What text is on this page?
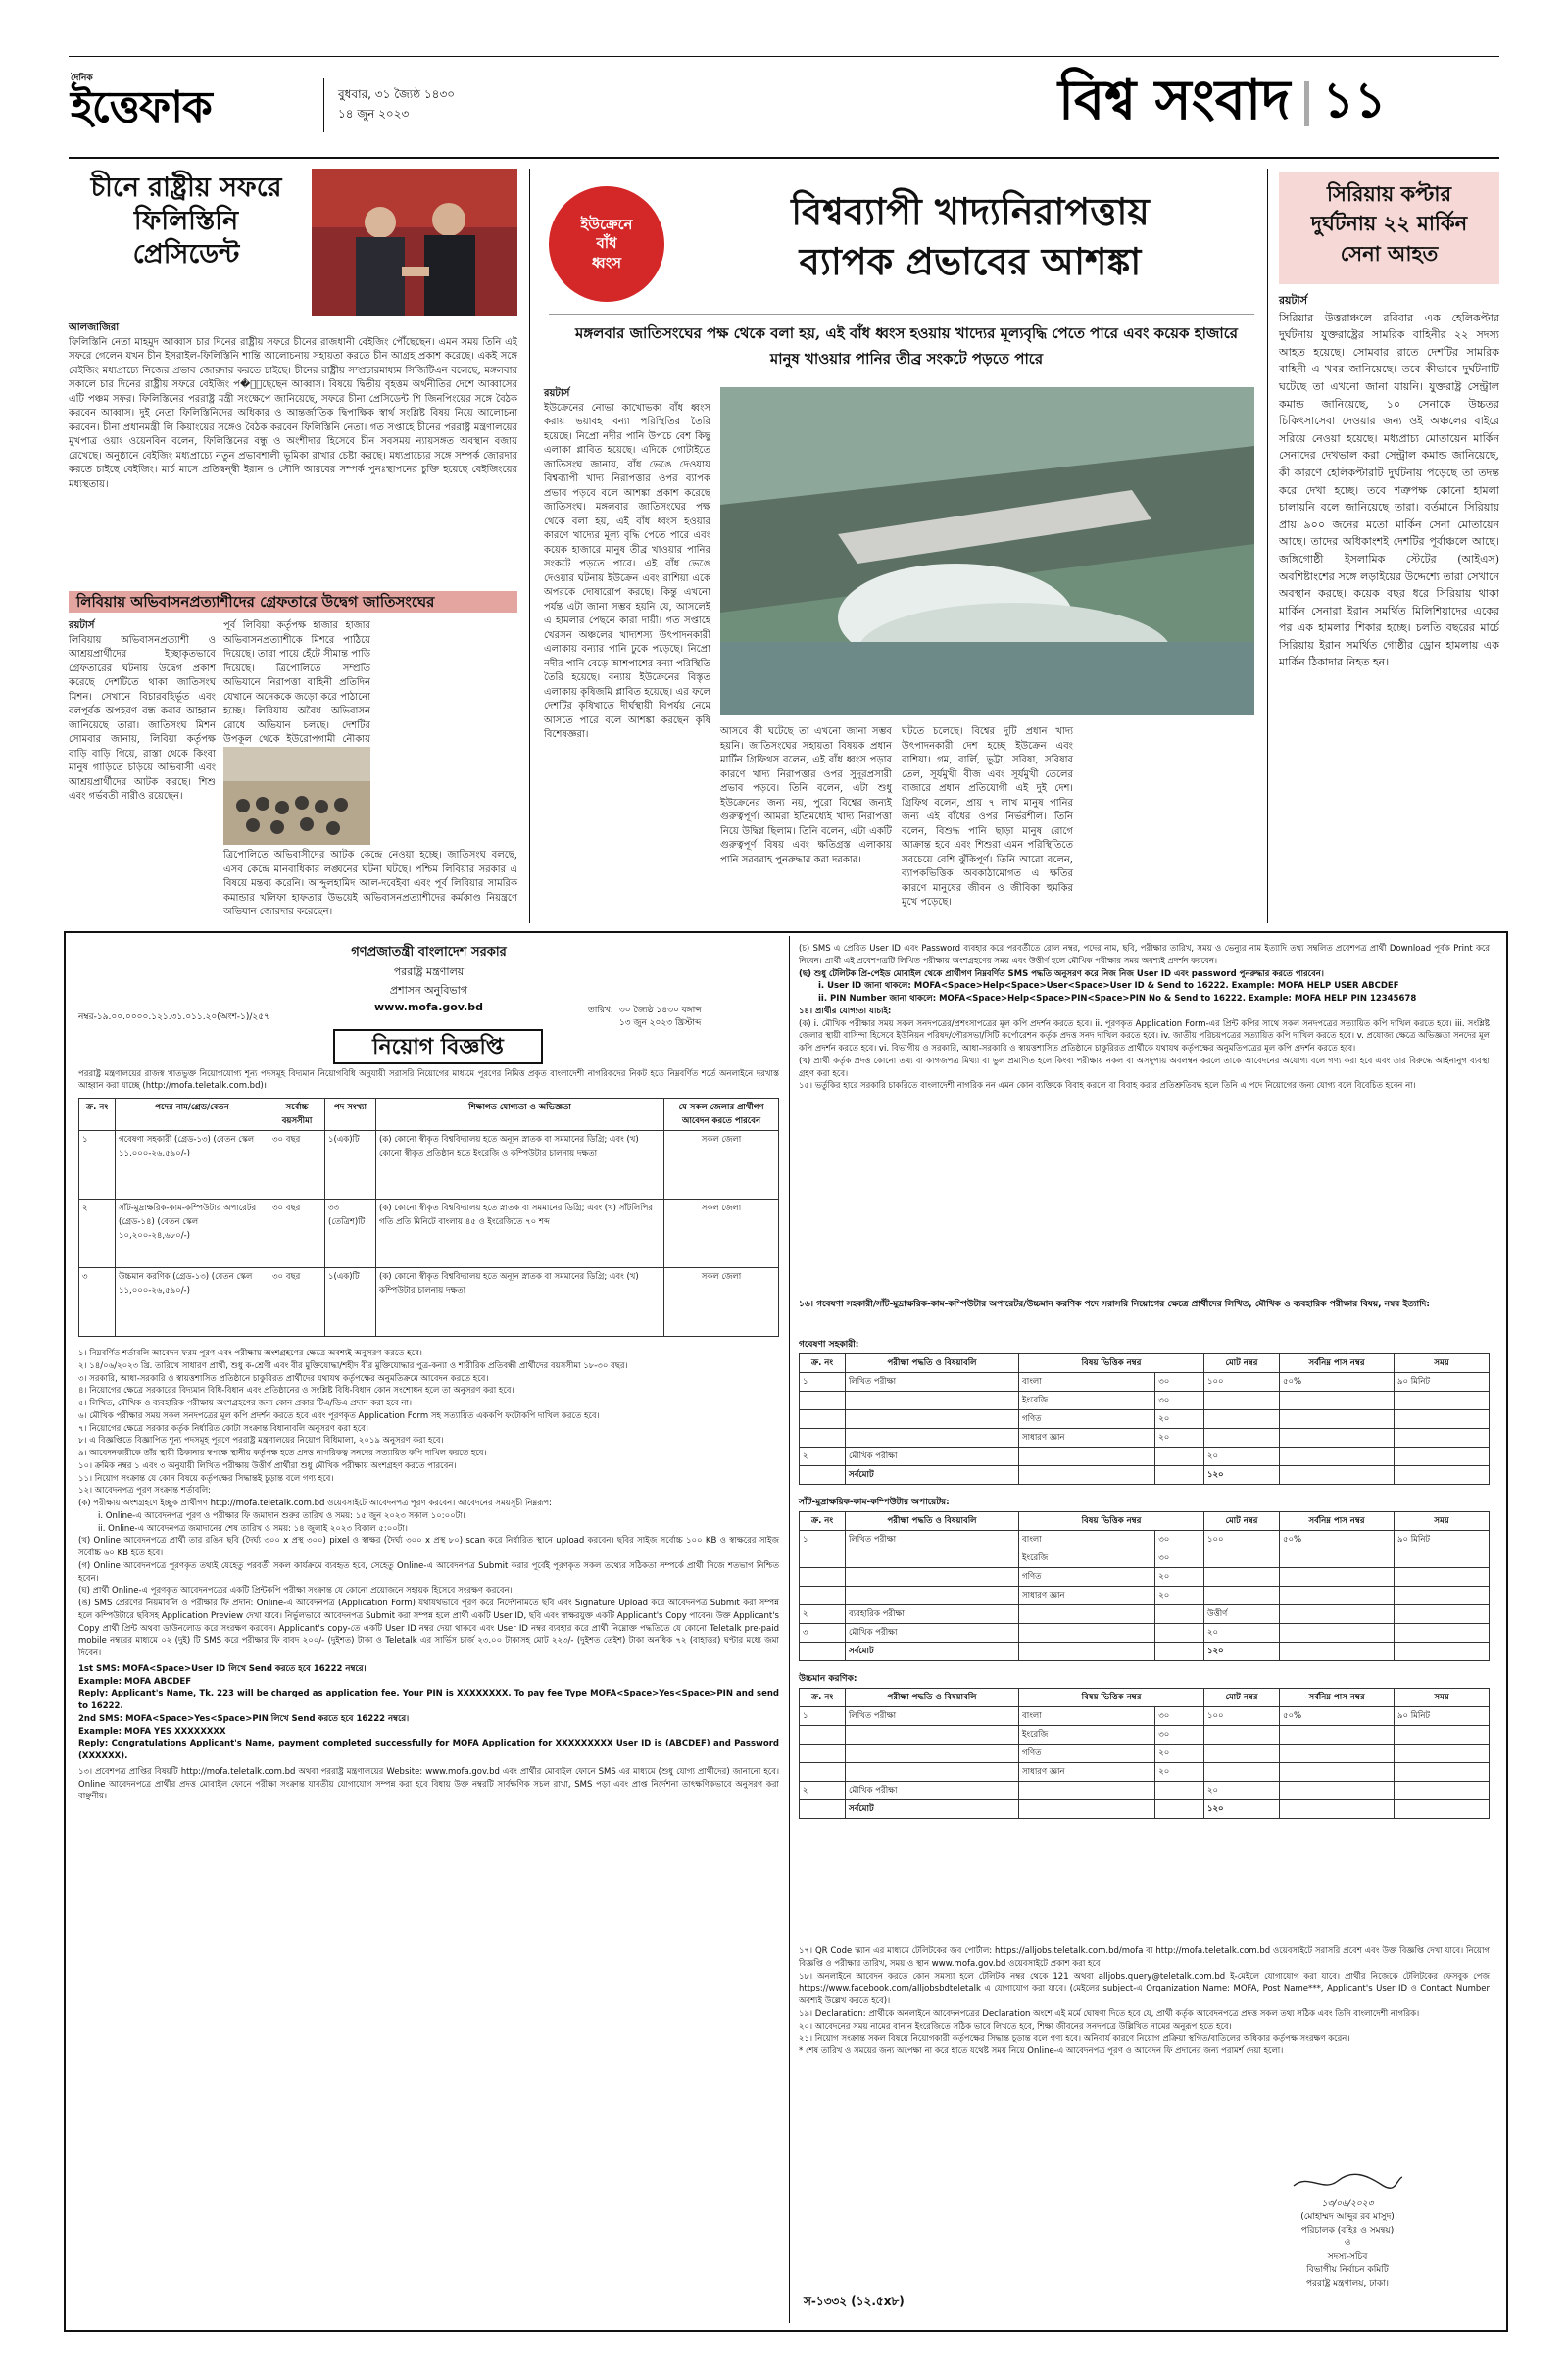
দৈনিক
ইত্তেফাক	বুধবার, ৩১ জ্যৈষ্ঠ ১৪৩০
১৪ জুন ২০২৩	বিশ্ব সংবাদ ১১
চীনে রাষ্ট্রীয় সফরে
ফিলিস্তিনি
প্রেসিডেন্ট
আলজাজিরা
ফিলিস্তিনি নেতা মাহমুদ আব্বাস চার দিনের রাষ্ট্রীয় সফরে চীনের রাজধানী বেইজিং পৌঁছেছেন। এমন সময় তিনি এই সফরে গেলেন যখন চীন ইসরাইল-ফিলিস্তিনি শান্তি আলোচনায় সহায়তা করতে চীন আগ্রহ প্রকাশ করেছে। একই সঙ্গে বেইজিং মধ্যপ্রাচ্যে নিজের প্রভাব জোরদার করতে চাইছে। চীনের রাষ্ট্রীয় সম্প্রচারমাধ্যম সিজিটিএন বলেছে, মঙ্গলবার সকালে চার দিনের রাষ্ট্রীয় সফরে বেইজিং প�ৌঁছেছেন আব্বাস। বিষয়ে দ্বিতীয় বৃহত্তম অর্থনীতির দেশে আব্বাসের এটি পঞ্চম সফর। ফিলিস্তিনের পররাষ্ট্র মন্ত্রী সংক্ষেপে জানিয়েছে, সফরে চীনা প্রেসিডেন্ট শি জিনপিংয়ের সঙ্গে বৈঠক করবেন আব্বাস। দুই নেতা ফিলিস্তিনিদের অধিকার ও আন্তর্জাতিক দ্বিপাক্ষিক স্বার্থ সংশ্লিষ্ট বিষয় নিয়ে আলোচনা করবেন। চীনা প্রধানমন্ত্রী লি কিয়াংয়ের সঙ্গেও বৈঠক করবেন ফিলিস্তিনি নেতা। গত সপ্তাহে চীনের পররাষ্ট্র মন্ত্রণালয়ের মুখপাত্র ওয়াং ওয়েনবিন বলেন, ফিলিস্তিনের বন্ধু ও অংশীদার হিসেবে চীন সবসময় ন্যায়সঙ্গত অবস্থান বজায় রেখেছে। অনুষ্ঠানে বেইজিং মধ্যপ্রাচ্যে নতুন প্রভাবশালী ভূমিকা রাখার চেষ্টা করছে। মধ্যপ্রাচ্যের সঙ্গে সম্পর্ক জোরদার করতে চাইছে বেইজিং। মার্চ মাসে প্রতিদ্বন্দ্বী ইরান ও সৌদি আরবের সম্পর্ক পুনঃস্থাপনের চুক্তি হয়েছে বেইজিংয়ের মধ্যস্থতায়।
লিবিয়ায় অভিবাসনপ্রত্যাশীদের গ্রেফতারে উদ্বেগ জাতিসংঘের
রয়টার্স
লিবিয়ায় অভিবাসনপ্রত্যাশী ও আশ্রয়প্রার্থীদের ইচ্ছাকৃতভাবে গ্রেফতারের ঘটনায় উদ্বেগ প্রকাশ করেছে দেশটিতে থাকা জাতিসংঘ মিশন। সেখানে বিচারবহির্ভূত এবং বলপূর্বক অপহরণ বন্ধ করার আহ্বান জানিয়েছে তারা। জাতিসংঘ মিশন সোমবার জানায়, লিবিয়া কর্তৃপক্ষ বাড়ি বাড়ি গিয়ে, রাস্তা থেকে কিংবা মানুষ গাড়িতে চড়িয়ে অভিবাসী এবং আশ্রয়প্রার্থীদের আটক করছে। শিশু এবং গর্ভবতী নারীও রয়েছেন।
পূর্ব লিবিয়া কর্তৃপক্ষ হাজার হাজার অভিবাসনপ্রত্যাশীকে মিশরে পাঠিয়ে দিয়েছে। তারা পায়ে হেঁটে সীমান্ত পাড়ি দিয়েছে। ত্রিপোলিতে সম্প্রতি অভিযানে নিরাপত্তা বাহিনী প্রতিদিন যেখানে অনেককে জড়ো করে পাঠানো হচ্ছে। লিবিয়ায় অবৈধ অভিবাসন রোধে অভিযান চলছে। দেশটির উপকূল থেকে ইউরোপগামী নৌকায়
ত্রিপোলিতে অভিবাসীদের আটক কেন্দ্রে নেওয়া হচ্ছে। জাতিসংঘ বলছে, এসব কেন্দ্রে মানবাধিকার লঙ্ঘনের ঘটনা ঘটছে। পশ্চিম লিবিয়ার সরকার এ বিষয়ে মন্তব্য করেনি। আব্দুলহামিদ আল-দবেইবা এবং পূর্ব লিবিয়ার সামরিক কমান্ডার খলিফা হাফতার উভয়েই অভিবাসনপ্রত্যাশীদের কর্মকাণ্ড নিয়ন্ত্রণে অভিযান জোরদার করেছেন।
ইউক্রেনে
বাঁধ
ধ্বংস
বিশ্বব্যাপী খাদ্যনিরাপত্তায়
ব্যাপক প্রভাবের আশঙ্কা
মঙ্গলবার জাতিসংঘের পক্ষ থেকে বলা হয়, এই বাঁধ ধ্বংস হওয়ায় খাদ্যের মূল্যবৃদ্ধি পেতে পারে এবং কয়েক হাজারে মানুষ খাওয়ার পানির তীব্র সংকটে পড়তে পারে
রয়টার্স
ইউক্রেনের নোভা কাখোভকা বাঁধ ধ্বংস করায় ভয়াবহ বন্যা পরিস্থিতির তৈরি হয়েছে। নিপ্রো নদীর পানি উপচে বেশ কিছু এলাকা প্লাবিত হয়েছে। এদিকে গোটাইতে জাতিসংঘ জানায়, বাঁধ ভেঙে দেওয়ায় বিশ্বব্যাপী খাদ্য নিরাপত্তার ওপর ব্যাপক প্রভাব পড়বে বলে আশঙ্কা প্রকাশ করেছে জাতিসংঘ। মঙ্গলবার জাতিসংঘের পক্ষ থেকে বলা হয়, এই বাঁধ ধ্বংস হওয়ার কারণে খাদ্যের মূল্য বৃদ্ধি পেতে পারে এবং কয়েক হাজারে মানুষ তীব্র খাওয়ার পানির সংকটে পড়তে পারে। এই বাঁধ ভেঙে দেওয়ার ঘটনায় ইউক্রেন এবং রাশিয়া একে অপরকে দোষারোপ করছে। কিন্তু এখনো পর্যন্ত এটা জানা সম্ভব হয়নি যে, আসলেই এ হামলার পেছনে কারা দায়ী। গত সপ্তাহে খেরসন অঞ্চলের খাদ্যশস্য উৎপাদনকারী এলাকায় বন্যার পানি ঢুকে পড়েছে। নিপ্রো নদীর পানি বেড়ে আশপাশের বন্যা পরিস্থিতি তৈরি হয়েছে। বন্যায় ইউক্রেনের বিস্তৃত এলাকায় কৃষিজমি প্লাবিত হয়েছে। এর ফলে দেশটির কৃষিখাতে দীর্ঘস্থায়ী বিপর্যয় নেমে আসতে পারে বলে আশঙ্কা করছেন কৃষি বিশেষজ্ঞরা।	আসবে কী ঘটেছে তা এখনো জানা সম্ভব হয়নি। জাতিসংঘের সহায়তা বিষয়ক প্রধান মার্টিন গ্রিফিথস বলেন, এই বাঁধ ধ্বংস পড়ার কারণে খাদ্য নিরাপত্তার ওপর সুদূরপ্রসারী প্রভাব পড়বে। তিনি বলেন, এটা শুধু ইউক্রেনের জন্য নয়, পুরো বিশ্বের জন্যই গুরুত্বপূর্ণ। আমরা ইতিমধ্যেই খাদ্য নিরাপত্তা নিয়ে উদ্বিগ্ন ছিলাম। তিনি বলেন, এটা একটি গুরুত্বপূর্ণ বিষয় এবং ক্ষতিগ্রস্ত এলাকায় পানি সরবরাহ পুনরুদ্ধার করা দরকার।
ঘটতে চলেছে। বিশ্বের দুটি প্রধান খাদ্য উৎপাদনকারী দেশ হচ্ছে ইউক্রেন এবং রাশিয়া। গম, বার্লি, ভুট্টা, সরিষা, সরিষার তেল, সূর্যমুখী বীজ এবং সূর্যমুখী তেলের বাজারে প্রধান প্রতিযোগী এই দুই দেশ। গ্রিফিথ বলেন, প্রায় ৭ লাখ মানুষ পানির জন্য এই বাঁধের ওপর নির্ভরশীল। তিনি বলেন, বিশুদ্ধ পানি ছাড়া মানুষ রোগে আক্রান্ত হবে এবং শিশুরা এমন পরিস্থিতিতে সবচেয়ে বেশি ঝুঁকিপূর্ণ। তিনি আরো বলেন, ব্যাপকভিত্তিক অবকাঠামোগত এ ক্ষতির কারণে মানুষের জীবন ও জীবিকা হুমকির মুখে পড়েছে।
সিরিয়ায় কপ্টার
দুর্ঘটনায় ২২ মার্কিন
সেনা আহত
রয়টার্স
সিরিয়ার উত্তরাঞ্চলে রবিবার এক হেলিকপ্টার দুর্ঘটনায় যুক্তরাষ্ট্রের সামরিক বাহিনীর ২২ সদস্য আহত হয়েছে। সোমবার রাতে দেশটির সামরিক বাহিনী এ খবর জানিয়েছে। তবে কীভাবে দুর্ঘটনাটি ঘটেছে তা এখনো জানা যায়নি। যুক্তরাষ্ট্র সেন্ট্রাল কমান্ড জানিয়েছে, ১০ সেনাকে উচ্চতর চিকিৎসাসেবা দেওয়ার জন্য ওই অঞ্চলের বাইরে সরিয়ে নেওয়া হয়েছে। মধ্যপ্রাচ্য মোতায়েন মার্কিন সেনাদের দেখভাল করা সেন্ট্রাল কমান্ড জানিয়েছে, কী কারণে হেলিকপ্টারটি দুর্ঘটনায় পড়েছে তা তদন্ত করে দেখা হচ্ছে। তবে শত্রুপক্ষ কোনো হামলা চালায়নি বলে জানিয়েছে তারা। বর্তমানে সিরিয়ায় প্রায় ৯০০ জনের মতো মার্কিন সেনা মোতায়েন আছে। তাদের অধিকাংশই দেশটির পূর্বাঞ্চলে আছে। জঙ্গিগোষ্ঠী ইসলামিক স্টেটের (আইএস) অবশিষ্টাংশের সঙ্গে লড়াইয়ের উদ্দেশ্যে তারা সেখানে অবস্থান করছে। কয়েক বছর ধরে সিরিয়ায় থাকা মার্কিন সেনারা ইরান সমর্থিত মিলিশিয়াদের একের পর এক হামলার শিকার হচ্ছে। চলতি বছরের মার্চে সিরিয়ায় ইরান সমর্থিত গোষ্ঠীর ড্রোন হামলায় এক মার্কিন ঠিকাদার নিহত হন।
গণপ্রজাতন্ত্রী বাংলাদেশ সরকার
পররাষ্ট্র মন্ত্রণালয়
প্রশাসন অনুবিভাগ
www.mofa.gov.bd
নম্বর-১৯.০০.০০০০.১২১.৩১.০১১.২০(অংশ-১)/২৫৭
তারিখ: ৩০ জ্যৈষ্ঠ ১৪৩০ বঙ্গাব্দ
১৩ জুন ২০২৩ খ্রিস্টাব্দ
নিয়োগ বিজ্ঞপ্তি
পররাষ্ট্র মন্ত্রণালয়ের রাজস্ব খাতভুক্ত নিয়োগযোগ্য শূন্য পদসমূহ বিদ্যমান নিয়োগবিধি অনুযায়ী সরাসরি নিয়োগের মাধ্যমে পূরণের নিমিত্ত প্রকৃত বাংলাদেশী নাগরিকদের নিকট হতে নিম্নবর্ণিত শর্তে অনলাইনে দরখাস্ত আহ্বান করা যাচ্ছে (http://mofa.teletalk.com.bd)।
ক্র. নং	পদের নাম/গ্রেড/বেতন	সর্বোচ্চ বয়সসীমা	পদ সংখ্যা	শিক্ষাগত যোগ্যতা ও অভিজ্ঞতা	যে সকল জেলার প্রার্থীগণ আবেদন করতে পারবেন
১	গবেষণা সহকারী (গ্রেড-১৩) (বেতন স্কেল ১১,০০০-২৬,৫৯০/-)	৩০ বছর	১(এক)টি	(ক) কোনো স্বীকৃত বিশ্ববিদ্যালয় হতে অন্যূন স্নাতক বা সমমানের ডিগ্রি; এবং (খ) কোনো স্বীকৃত প্রতিষ্ঠান হতে ইংরেজি ও কম্পিউটার চালনায় দক্ষতা	সকল জেলা
২	সাঁট-মুদ্রাক্ষরিক-কাম-কম্পিউটার অপারেটর (গ্রেড-১৪) (বেতন স্কেল ১০,২০০-২৪,৬৮০/-)	৩০ বছর	৩৩ (তেত্রিশ)টি	(ক) কোনো স্বীকৃত বিশ্ববিদ্যালয় হতে স্নাতক বা সমমানের ডিগ্রি; এবং (খ) সাঁটলিপির গতি প্রতি মিনিটে বাংলায় ৪৫ ও ইংরেজিতে ৭০ শব্দ	সকল জেলা
৩	উচ্চমান করণিক (গ্রেড-১৩) (বেতন স্কেল ১১,০০০-২৬,৫৯০/-)	৩০ বছর	১(এক)টি	(ক) কোনো স্বীকৃত বিশ্ববিদ্যালয় হতে অন্যূন স্নাতক বা সমমানের ডিগ্রি; এবং (খ) কম্পিউটার চালনায় দক্ষতা	সকল জেলা
১। নিম্নবর্ণিত শর্তাবলি আবেদন ফরম পূরণ এবং পরীক্ষায় অংশগ্রহণের ক্ষেত্রে অবশ্যই অনুসরণ করতে হবে।
২। ১৪/০৬/২০২৩ খ্রি. তারিখে সাধারণ প্রার্থী, শুধু ক-শ্রেণী এবং বীর মুক্তিযোদ্ধা/শহীদ বীর মুক্তিযোদ্ধার পুত্র-কন্যা ও শারীরিক প্রতিবন্ধী প্রার্থীদের বয়সসীমা ১৮-৩০ বছর।
৩। সরকারি, আধা-সরকারি ও স্বায়ত্তশাসিত প্রতিষ্ঠানে চাকুরিরত প্রার্থীদের যথাযথ কর্তৃপক্ষের অনুমতিক্রমে আবেদন করতে হবে।
৪। নিয়োগের ক্ষেত্রে সরকারের বিদ্যমান বিধি-বিধান এবং প্রতিষ্ঠানের ও সংশ্লিষ্ট বিধি-বিধান কোন সংশোধন হলে তা অনুসরণ করা হবে।
৫। লিখিত, মৌখিক ও ব্যবহারিক পরীক্ষায় অংশগ্রহণের জন্য কোন প্রকার টিএ/ডিএ প্রদান করা হবে না।
৬। মৌখিক পরীক্ষার সময় সকল সনদপত্রের মূল কপি প্রদর্শন করতে হবে এবং পূরণকৃত Application Form সহ সত্যায়িত এককপি ফটোকপি দাখিল করতে হবে।
৭। নিয়োগের ক্ষেত্রে সরকার কর্তৃক নির্ধারিত কোটা সংক্রান্ত বিধানাবলি অনুসরণ করা হবে।
৮। এ বিজ্ঞপ্তিতে বিজ্ঞাপিত শূন্য পদসমূহ পূরণে পররাষ্ট্র মন্ত্রণালয়ের নিয়োগ বিধিমালা, ২০১৯ অনুসরণ করা হবে।
৯। আবেদনকারীকে তাঁর স্থায়ী ঠিকানার স্বপক্ষে স্থানীয় কর্তৃপক্ষ হতে প্রদত্ত নাগরিকত্ব সনদের সত্যায়িত কপি দাখিল করতে হবে।
১০। ক্রমিক নম্বর ১ এবং ৩ অনুযায়ী লিখিত পরীক্ষায় উত্তীর্ণ প্রার্থীরা শুধু মৌখিক পরীক্ষায় অংশগ্রহণ করতে পারবেন।
১১। নিয়োগ সংক্রান্ত যে কোন বিষয়ে কর্তৃপক্ষের সিদ্ধান্তই চূড়ান্ত বলে গণ্য হবে।
১২। আবেদনপত্র পূরণ সংক্রান্ত শর্তাবলি:
(ক) পরীক্ষায় অংশগ্রহণে ইচ্ছুক প্রার্থীগণ http://mofa.teletalk.com.bd ওয়েবসাইটে আবেদনপত্র পূরণ করবেন। আবেদনের সময়সূচী নিম্নরূপ:
i. Online-এ আবেদনপত্র পূরণ ও পরীক্ষার ফি জমাদান শুরুর তারিখ ও সময়: ১৫ জুন ২০২৩ সকাল ১০:০০টা।
ii. Online-এ আবেদনপত্র জমাদানের শেষ তারিখ ও সময়: ১৪ জুলাই ২০২৩ বিকাল ৫:০০টা।
(খ) Online আবেদনপত্রে প্রার্থী তার রঙিন ছবি (দৈর্ঘ্য ৩০০ x প্রস্থ ৩০০) pixel ও স্বাক্ষর (দৈর্ঘ্য ৩০০ x প্রস্থ ৮০) scan করে নির্ধারিত স্থানে upload করবেন। ছবির সাইজ সর্বোচ্চ ১০০ KB ও স্বাক্ষরের সাইজ সর্বোচ্চ ৬০ KB হতে হবে।
(গ) Online আবেদনপত্রে পূরণকৃত তথ্যই যেহেতু পরবর্তী সকল কার্যক্রমে ব্যবহৃত হবে, সেহেতু Online-এ আবেদনপত্র Submit করার পূর্বেই পূরণকৃত সকল তথ্যের সঠিকতা সম্পর্কে প্রার্থী নিজে শতভাগ নিশ্চিত হবেন।
(ঘ) প্রার্থী Online-এ পূরণকৃত আবেদনপত্রের একটি প্রিন্টকপি পরীক্ষা সংক্রান্ত যে কোনো প্রয়োজনে সহায়ক হিসেবে সংরক্ষণ করবেন।
(ঙ) SMS প্রেরণের নিয়মাবলি ও পরীক্ষার ফি প্রদান: Online-এ আবেদনপত্র (Application Form) যথাযথভাবে পূরণ করে নির্দেশনামতে ছবি এবং Signature Upload করে আবেদনপত্র Submit করা সম্পন্ন হলে কম্পিউটারে ছবিসহ Application Preview দেখা যাবে। নির্ভুলভাবে আবেদনপত্র Submit করা সম্পন্ন হলে প্রার্থী একটি User ID, ছবি এবং স্বাক্ষরযুক্ত একটি Applicant's Copy পাবেন। উক্ত Applicant's Copy প্রার্থী প্রিন্ট অথবা ডাউনলোড করে সংরক্ষণ করবেন। Applicant's copy-তে একটি User ID নম্বর দেয়া থাকবে এবং User ID নম্বর ব্যবহার করে প্রার্থী নিম্নোক্ত পদ্ধতিতে যে কোনো Teletalk pre-paid mobile নম্বরের মাধ্যমে ০২ (দুই) টি SMS করে পরীক্ষার ফি বাবদ ২০০/- (দুইশত) টাকা ও Teletalk এর সার্ভিস চার্জ ২৩.০০ টাকাসহ মোট ২২৩/- (দুইশত তেইশ) টাকা অনধিক ৭২ (বাহাত্তর) ঘণ্টার মধ্যে জমা দিবেন।
1st SMS: MOFA<Space>User ID লিখে Send করতে হবে 16222 নম্বরে।
Example: MOFA ABCDEF
Reply: Applicant's Name, Tk. 223 will be charged as application fee. Your PIN is XXXXXXXX. To pay fee Type MOFA<Space>Yes<Space>PIN and send to 16222.
2nd SMS: MOFA<Space>Yes<Space>PIN লিখে Send করতে হবে 16222 নম্বরে।
Example: MOFA YES XXXXXXXX
Reply: Congratulations Applicant's Name, payment completed successfully for MOFA Application for XXXXXXXXX User ID is (ABCDEF) and Password (XXXXXX).
১৩। প্রবেশপত্র প্রাপ্তির বিষয়টি http://mofa.teletalk.com.bd অথবা পররাষ্ট্র মন্ত্রণালয়ের Website: www.mofa.gov.bd এবং প্রার্থীর মোবাইল ফোনে SMS এর মাধ্যমে (শুধু যোগ্য প্রার্থীদের) জানানো হবে। Online আবেদনপত্রে প্রার্থীর প্রদত্ত মোবাইল ফোনে পরীক্ষা সংক্রান্ত যাবতীয় যোগাযোগ সম্পন্ন করা হবে বিধায় উক্ত নম্বরটি সার্বক্ষণিক সচল রাখা, SMS পড়া এবং প্রাপ্ত নির্দেশনা তাৎক্ষণিকভাবে অনুসরণ করা বাঞ্ছনীয়।
(চ) SMS এ প্রেরিত User ID এবং Password ব্যবহার করে পরবর্তীতে রোল নম্বর, পদের নাম, ছবি, পরীক্ষার তারিখ, সময় ও ভেন্যুর নাম ইত্যাদি তথ্য সম্বলিত প্রবেশপত্র প্রার্থী Download পূর্বক Print করে নিবেন। প্রার্থী এই প্রবেশপত্রটি লিখিত পরীক্ষায় অংশগ্রহণের সময় এবং উত্তীর্ণ হলে মৌখিক পরীক্ষার সময় অবশ্যই প্রদর্শন করবেন।
(ছ) শুধু টেলিটক প্রি-পেইড মোবাইল থেকে প্রার্থীগণ নিম্নবর্ণিত SMS পদ্ধতি অনুসরণ করে নিজ নিজ User ID এবং password পুনরুদ্ধার করতে পারবেন।
i. User ID জানা থাকলে: MOFA<Space>Help<Space>User<Space>User ID & Send to 16222. Example: MOFA HELP USER ABCDEF
ii. PIN Number জানা থাকলে: MOFA<Space>Help<Space>PIN<Space>PIN No & Send to 16222. Example: MOFA HELP PIN 12345678
১৪। প্রার্থীর যোগ্যতা যাচাই:
(ক) i. মৌখিক পরীক্ষার সময় সকল সনদপত্রের/প্রশংসাপত্রের মূল কপি প্রদর্শন করতে হবে। ii. পূরণকৃত Application Form-এর প্রিন্ট কপির সাথে সকল সনদপত্রের সত্যায়িত কপি দাখিল করতে হবে। iii. সংশ্লিষ্ট জেলার স্থায়ী বাসিন্দা হিসেবে ইউনিয়ন পরিষদ/পৌরসভা/সিটি কর্পোরেশন কর্তৃক প্রদত্ত সনদ দাখিল করতে হবে। iv. জাতীয় পরিচয়পত্রের সত্যায়িত কপি দাখিল করতে হবে। v. প্রযোজ্য ক্ষেত্রে অভিজ্ঞতা সনদের মূল কপি প্রদর্শন করতে হবে। vi. বিভাগীয় ও সরকারি, আধা-সরকারি ও স্বায়ত্তশাসিত প্রতিষ্ঠানে চাকুরিরত প্রার্থীকে যথাযথ কর্তৃপক্ষের অনুমতিপত্রের মূল কপি প্রদর্শন করতে হবে।
(খ) প্রার্থী কর্তৃক প্রদত্ত কোনো তথ্য বা কাগজপত্র মিথ্যা বা ভুল প্রমাণিত হলে কিংবা পরীক্ষায় নকল বা অসদুপায় অবলম্বন করলে তাকে আবেদনের অযোগ্য বলে গণ্য করা হবে এবং তার বিরুদ্ধে আইনানুগ ব্যবস্থা গ্রহণ করা হবে।
১৫। ভর্তুকির হারে সরকারি চাকরিতে বাংলাদেশী নাগরিক নন এমন কোন ব্যক্তিকে বিবাহ করলে বা বিবাহ করার প্রতিশ্রুতিবদ্ধ হলে তিনি এ পদে নিয়োগের জন্য যোগ্য বলে বিবেচিত হবেন না।
১৬। গবেষণা সহকারী/সাঁট-মুদ্রাক্ষরিক-কাম-কম্পিউটার অপারেটর/উচ্চমান করণিক পদে সরাসরি নিয়োগের ক্ষেত্রে প্রার্থীদের লিখিত, মৌখিক ও ব্যবহারিক পরীক্ষার বিষয়, নম্বর ইত্যাদি:
গবেষণা সহকারী:
ক্র. নং	পরীক্ষা পদ্ধতি ও বিষয়াবলি	বিষয় ভিত্তিক নম্বর		মোট নম্বর	সর্বনিম্ন পাস নম্বর	সময়
১	লিখিত পরীক্ষা	বাংলা	৩০	১০০	৫০%	৯০ মিনিট
		ইংরেজি	৩০			
		গণিত	২০			
		সাধারণ জ্ঞান	২০			
২	মৌখিক পরীক্ষা			২০		
	সর্বমোট			১২০		
সাঁট-মুদ্রাক্ষরিক-কাম-কম্পিউটার অপারেটর:
ক্র. নং	পরীক্ষা পদ্ধতি ও বিষয়াবলি	বিষয় ভিত্তিক নম্বর		মোট নম্বর	সর্বনিম্ন পাস নম্বর	সময়
১	লিখিত পরীক্ষা	বাংলা	৩০	১০০	৫০%	৯০ মিনিট
		ইংরেজি	৩০			
		গণিত	২০			
		সাধারণ জ্ঞান	২০			
২	ব্যবহারিক পরীক্ষা			উত্তীর্ণ		
৩	মৌখিক পরীক্ষা			২০		
	সর্বমোট			১২০		
উচ্চমান করণিক:
ক্র. নং	পরীক্ষা পদ্ধতি ও বিষয়াবলি	বিষয় ভিত্তিক নম্বর		মোট নম্বর	সর্বনিম্ন পাস নম্বর	সময়
১	লিখিত পরীক্ষা	বাংলা	৩০	১০০	৫০%	৯০ মিনিট
		ইংরেজি	৩০			
		গণিত	২০			
		সাধারণ জ্ঞান	২০			
২	মৌখিক পরীক্ষা			২০		
	সর্বমোট			১২০		
১৭। QR Code স্ক্যান এর মাধ্যমে টেলিটকের জব পোর্টাল: https://alljobs.teletalk.com.bd/mofa বা http://mofa.teletalk.com.bd ওয়েবসাইটে সরাসরি প্রবেশ এবং উক্ত বিজ্ঞপ্তি দেখা যাবে। নিয়োগ বিজ্ঞপ্তি ও পরীক্ষার তারিখ, সময় ও স্থান www.mofa.gov.bd ওয়েবসাইটে প্রকাশ করা হবে।
১৮। অনলাইনে আবেদন করতে কোন সমস্যা হলে টেলিটক নম্বর থেকে 121 অথবা alljobs.query@teletalk.com.bd ই-মেইলে যোগাযোগ করা যাবে। প্রার্থীর নিজেকে টেলিটকের ফেসবুক পেজ https://www.facebook.com/alljobsbdteletalk এ যোগাযোগ করা যাবে। (মেইলের subject-এ Organization Name: MOFA, Post Name***, Applicant's User ID ও Contact Number অবশ্যই উল্লেখ করতে হবে)।
১৯। Declaration: প্রার্থীকে অনলাইনে আবেদনপত্রের Declaration অংশে এই মর্মে ঘোষণা দিতে হবে যে, প্রার্থী কর্তৃক আবেদনপত্রে প্রদত্ত সকল তথ্য সঠিক এবং তিনি বাংলাদেশী নাগরিক।
২০। আবেদনের সময় নামের বানান ইংরেজিতে সঠিক ভাবে লিখতে হবে, শিক্ষা জীবনের সনদপত্রে উল্লিখিত নামের অনুরূপ হতে হবে।
২১। নিয়োগ সংক্রান্ত সকল বিষয়ে নিয়োগকারী কর্তৃপক্ষের সিদ্ধান্ত চূড়ান্ত বলে গণ্য হবে। অনিবার্য কারণে নিয়োগ প্রক্রিয়া স্থগিত/বাতিলের অধিকার কর্তৃপক্ষ সংরক্ষণ করেন।
* শেষ তারিখ ও সময়ের জন্য অপেক্ষা না করে হাতে যথেষ্ট সময় নিয়ে Online-এ আবেদনপত্র পূরণ ও আবেদন ফি প্রদানের জন্য পরামর্শ দেয়া হলো।
১৩/০৬/২০২৩
(মোহাম্মদ আব্দুর রব মাসুদ)
পরিচালক (বহিঃ ও সমন্বয়)
ও
সদস্য-সচিব
বিভাগীয় নির্বাচন কমিটি
পররাষ্ট্র মন্ত্রণালয়, ঢাকা।
স-১৩৩২ (১২.৫x৮)
